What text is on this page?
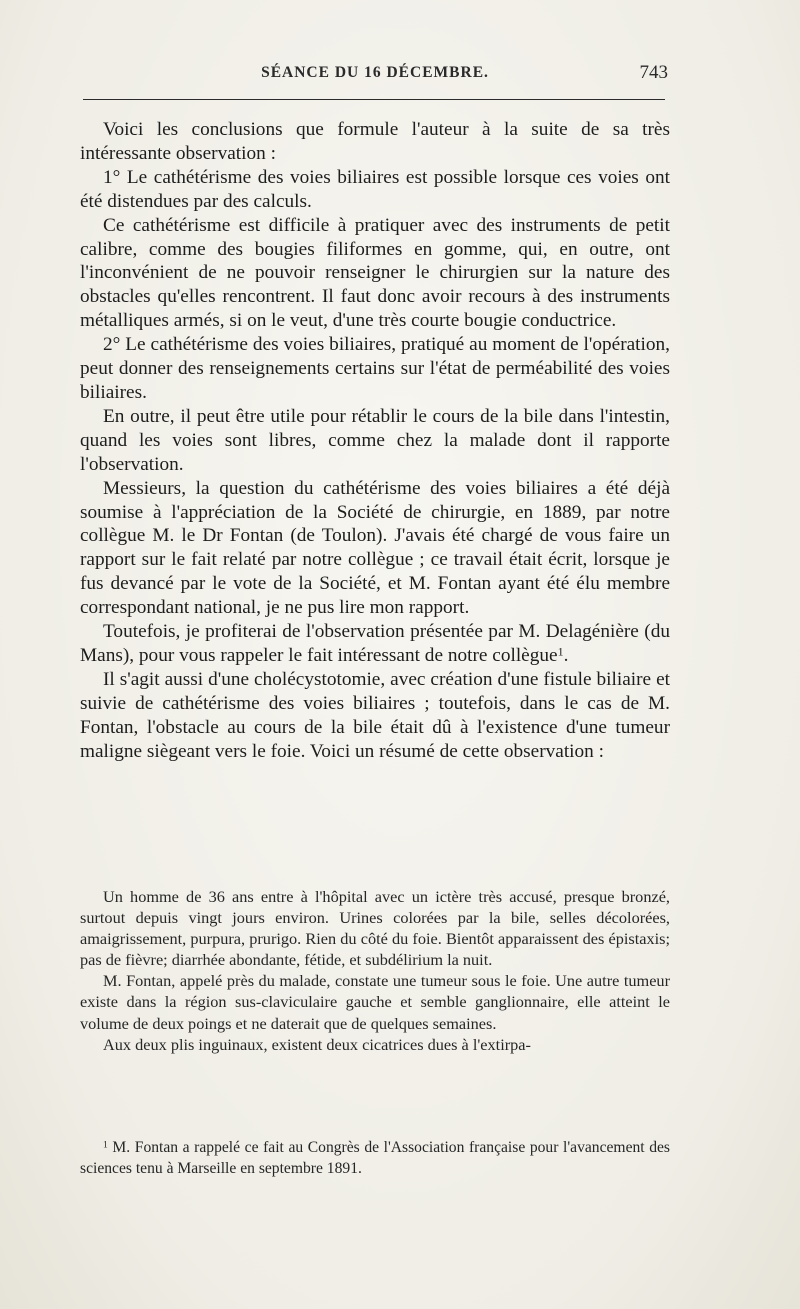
SÉANCE DU 16 DÉCEMBRE.	743

Voici les conclusions que formule l'auteur à la suite de sa très intéressante observation :

1° Le cathétérisme des voies biliaires est possible lorsque ces voies ont été distendues par des calculs.

Ce cathétérisme est difficile à pratiquer avec des instruments de petit calibre, comme des bougies filiformes en gomme, qui, en outre, ont l'inconvénient de ne pouvoir renseigner le chirurgien sur la nature des obstacles qu'elles rencontrent. Il faut donc avoir recours à des instruments métalliques armés, si on le veut, d'une très courte bougie conductrice.

2° Le cathétérisme des voies biliaires, pratiqué au moment de l'opération, peut donner des renseignements certains sur l'état de perméabilité des voies biliaires.

En outre, il peut être utile pour rétablir le cours de la bile dans l'intestin, quand les voies sont libres, comme chez la malade dont il rapporte l'observation.

Messieurs, la question du cathétérisme des voies biliaires a été déjà soumise à l'appréciation de la Société de chirurgie, en 1889, par notre collègue M. le Dr Fontan (de Toulon). J'avais été chargé de vous faire un rapport sur le fait relaté par notre collègue ; ce travail était écrit, lorsque je fus devancé par le vote de la Société, et M. Fontan ayant été élu membre correspondant national, je ne pus lire mon rapport.

Toutefois, je profiterai de l'observation présentée par M. Delagénière (du Mans), pour vous rappeler le fait intéressant de notre collègue$^1$.

Il s'agit aussi d'une cholécystotomie, avec création d'une fistule biliaire et suivie de cathétérisme des voies biliaires ; toutefois, dans le cas de M. Fontan, l'obstacle au cours de la bile était dû à l'existence d'une tumeur maligne siègeant vers le foie. Voici un résumé de cette observation :

Un homme de 36 ans entre à l'hôpital avec un ictère très accusé, presque bronzé, surtout depuis vingt jours environ. Urines colorées par la bile, selles décolorées, amaigrissement, purpura, prurigo. Rien du côté du foie. Bientôt apparaissent des épistaxis; pas de fièvre; diarrhée abondante, fétide, et subdélirium la nuit.

M. Fontan, appelé près du malade, constate une tumeur sous le foie. Une autre tumeur existe dans la région sus-claviculaire gauche et semble ganglionnaire, elle atteint le volume de deux poings et ne daterait que de quelques semaines.

Aux deux plis inguinaux, existent deux cicatrices dues à l'extirpa-

$^1$ M. Fontan a rappelé ce fait au Congrès de l'Association française pour l'avancement des sciences tenu à Marseille en septembre 1891.
